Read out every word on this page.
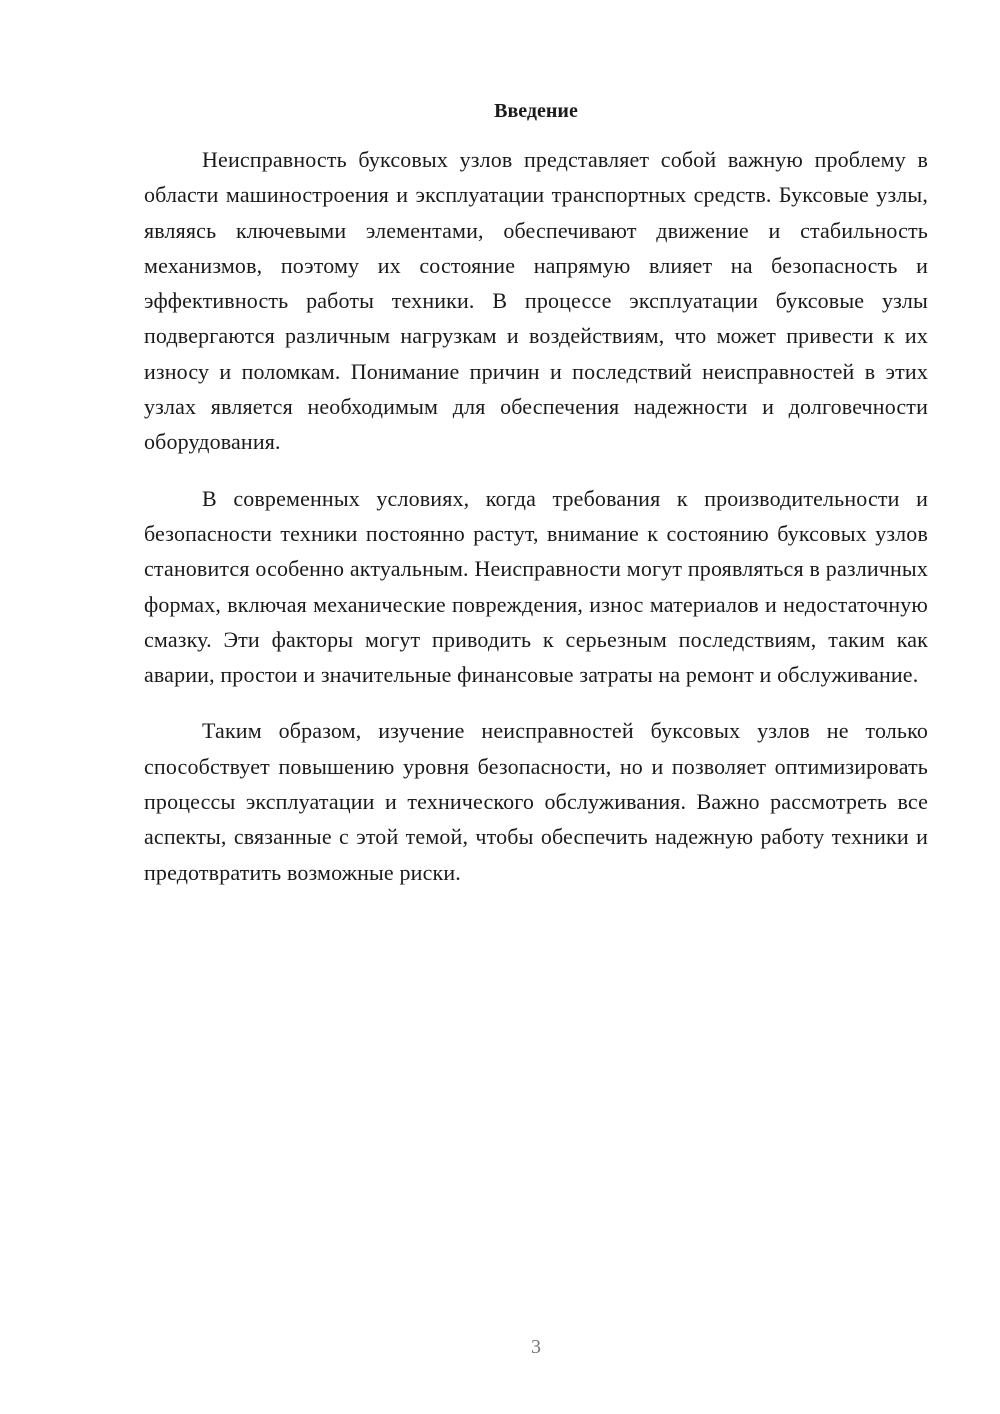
Введение

Неисправность буксовых узлов представляет собой важную проблему в области машиностроения и эксплуатации транспортных средств. Буксовые узлы, являясь ключевыми элементами, обеспечивают движение и стабильность механизмов, поэтому их состояние напрямую влияет на безопасность и эффективность работы техники. В процессе эксплуатации буксовые узлы подвергаются различным нагрузкам и воздействиям, что может привести к их износу и поломкам. Понимание причин и последствий неисправностей в этих узлах является необходимым для обеспечения надежности и долговечности оборудования.

В современных условиях, когда требования к производительности и безопасности техники постоянно растут, внимание к состоянию буксовых узлов становится особенно актуальным. Неисправности могут проявляться в различных формах, включая механические повреждения, износ материалов и недостаточную смазку. Эти факторы могут приводить к серьезным последствиям, таким как аварии, простои и значительные финансовые затраты на ремонт и обслуживание.

Таким образом, изучение неисправностей буксовых узлов не только способствует повышению уровня безопасности, но и позволяет оптимизировать процессы эксплуатации и технического обслуживания. Важно рассмотреть все аспекты, связанные с этой темой, чтобы обеспечить надежную работу техники и предотвратить возможные риски.

3
